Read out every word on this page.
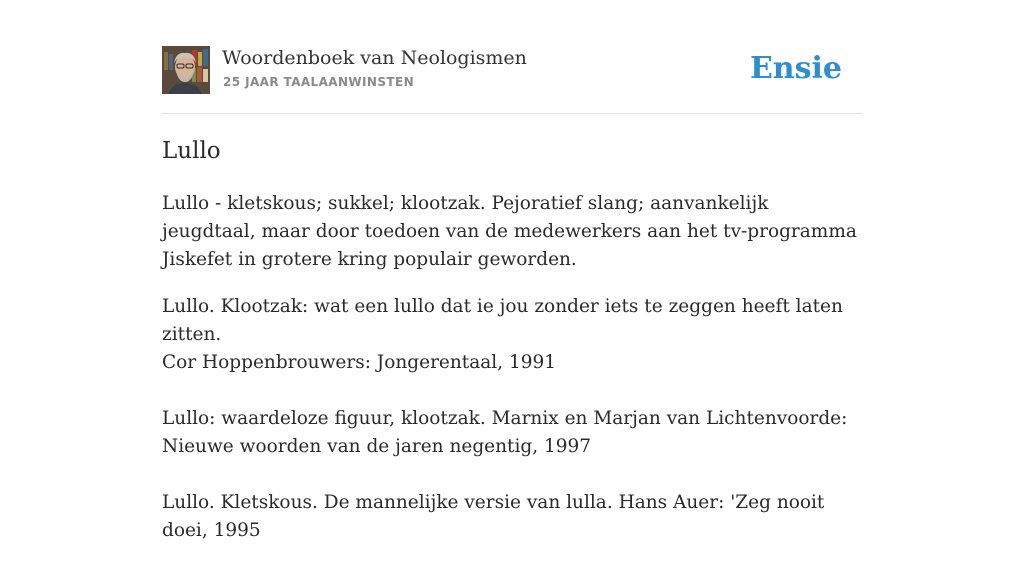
Woordenboek van Neologismen
25 JAAR TAALAANWINSTEN	Ensie
Lullo

Lullo - kletskous; sukkel; klootzak. Pejoratief slang; aanvankelijk jeugdtaal, maar door toedoen van de medewerkers aan het tv-programma Jiskefet in grotere kring populair geworden.

Lullo. Klootzak: wat een lullo dat ie jou zonder iets te zeggen heeft laten zitten.
Cor Hoppenbrouwers: Jongerentaal, 1991
Lullo: waardeloze figuur, klootzak. Marnix en Marjan van Lichtenvoorde: Nieuwe woorden van de jaren negentig, 1997
Lullo. Kletskous. De mannelijke versie van lulla. Hans Auer: 'Zeg nooit doei, 1995
